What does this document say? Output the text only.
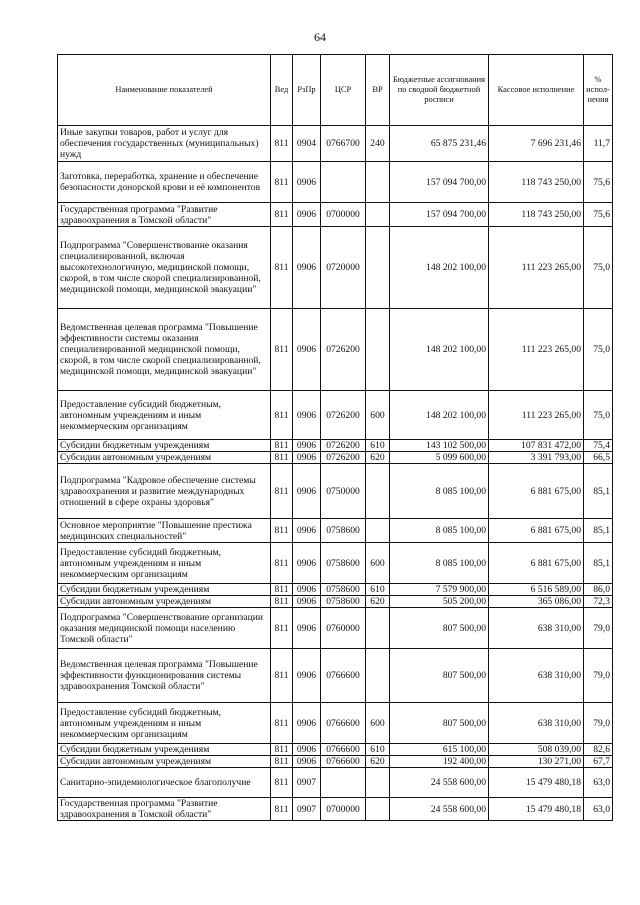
64
Наименование показателей	Вед	РзПр	ЦСР	ВР	Бюджетные ассигнования по сводной бюджетной росписи	Кассовое исполнение	% испол-нения
Иные закупки товаров, работ и услуг для обеспечения государственных (муниципальных) нужд	811	0904	0766700	240	65 875 231,46	7 696 231,46	11,7
Заготовка, переработка, хранение и обеспечение безопасности донорской крови и её компонентов	811	0906			157 094 700,00	118 743 250,00	75,6
Государственная программа "Развитие здравоохранения в Томской области"	811	0906	0700000		157 094 700,00	118 743 250,00	75,6
Подпрограмма "Совершенствование оказания специализированной, включая высокотехнологичную, медицинской помощи, скорой, в том числе скорой специализированной, медицинской помощи, медицинской эвакуации"	811	0906	0720000		148 202 100,00	111 223 265,00	75,0
Ведомственная целевая программа "Повышение эффективности системы оказания специализированной медицинской помощи, скорой, в том числе скорой специализированной, медицинской помощи, медицинской эвакуации"	811	0906	0726200		148 202 100,00	111 223 265,00	75,0
Предоставление субсидий бюджетным, автономным учреждениям и иным некоммерческим организациям	811	0906	0726200	600	148 202 100,00	111 223 265,00	75,0
Субсидии бюджетным учреждениям	811	0906	0726200	610	143 102 500,00	107 831 472,00	75,4
Субсидии автономным учреждениям	811	0906	0726200	620	5 099 600,00	3 391 793,00	66,5
Подпрограмма "Кадровое обеспечение системы здравоохранения и развитие международных отношений в сфере охраны здоровья"	811	0906	0750000		8 085 100,00	6 881 675,00	85,1
Основное мероприятие "Повышение престижа медицинских специальностей"	811	0906	0758600		8 085 100,00	6 881 675,00	85,1
Предоставление субсидий бюджетным, автономным учреждениям и иным некоммерческим организациям	811	0906	0758600	600	8 085 100,00	6 881 675,00	85,1
Субсидии бюджетным учреждениям	811	0906	0758600	610	7 579 900,00	6 516 589,00	86,0
Субсидии автономным учреждениям	811	0906	0758600	620	505 200,00	365 086,00	72,3
Подпрограмма "Совершенствование организации оказания медицинской помощи населению Томской области"	811	0906	0760000		807 500,00	638 310,00	79,0
Ведомственная целевая программа "Повышение эффективности функционирования системы здравоохранения Томской области"	811	0906	0766600		807 500,00	638 310,00	79,0
Предоставление субсидий бюджетным, автономным учреждениям и иным некоммерческим организациям	811	0906	0766600	600	807 500,00	638 310,00	79,0
Субсидии бюджетным учреждениям	811	0906	0766600	610	615 100,00	508 039,00	82,6
Субсидии автономным учреждениям	811	0906	0766600	620	192 400,00	130 271,00	67,7
Санитарно-эпидемиологическое благополучие	811	0907			24 558 600,00	15 479 480,18	63,0
Государственная программа "Развитие здравоохранения в Томской области"	811	0907	0700000		24 558 600,00	15 479 480,18	63,0
